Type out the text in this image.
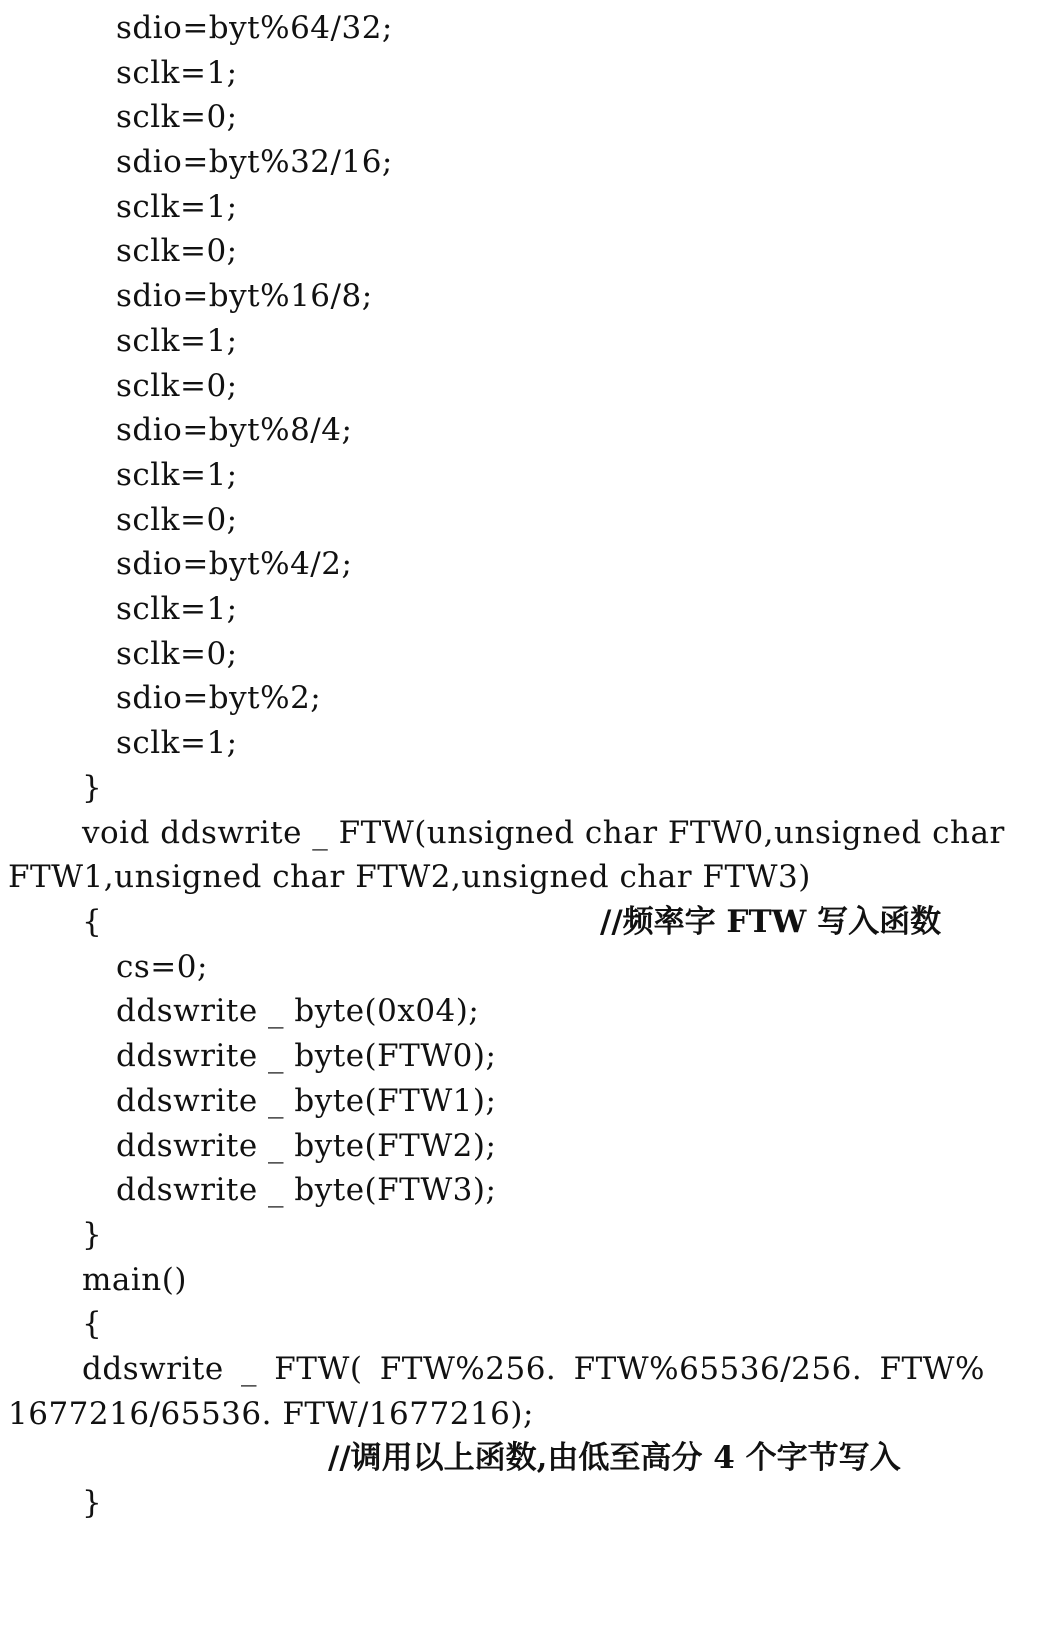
sdio=byt%64/32;
sclk=1;
sclk=0;
sdio=byt%32/16;
sclk=1;
sclk=0;
sdio=byt%16/8;
sclk=1;
sclk=0;
sdio=byt%8/4;
sclk=1;
sclk=0;
sdio=byt%4/2;
sclk=1;
sclk=0;
sdio=byt%2;
sclk=1;
}
void ddswrite _ FTW(unsigned char FTW0,unsigned char
FTW1,unsigned char FTW2,unsigned char FTW3)
{	//频率字 FTW 写入函数
cs=0;
ddswrite _ byte(0x04);
ddswrite _ byte(FTW0);
ddswrite _ byte(FTW1);
ddswrite _ byte(FTW2);
ddswrite _ byte(FTW3);
}
main()
{
ddswrite _ FTW( FTW%256. FTW%65536/256. FTW%
1677216/65536. FTW/1677216);
//调用以上函数,由低至高分 4 个字节写入
}
